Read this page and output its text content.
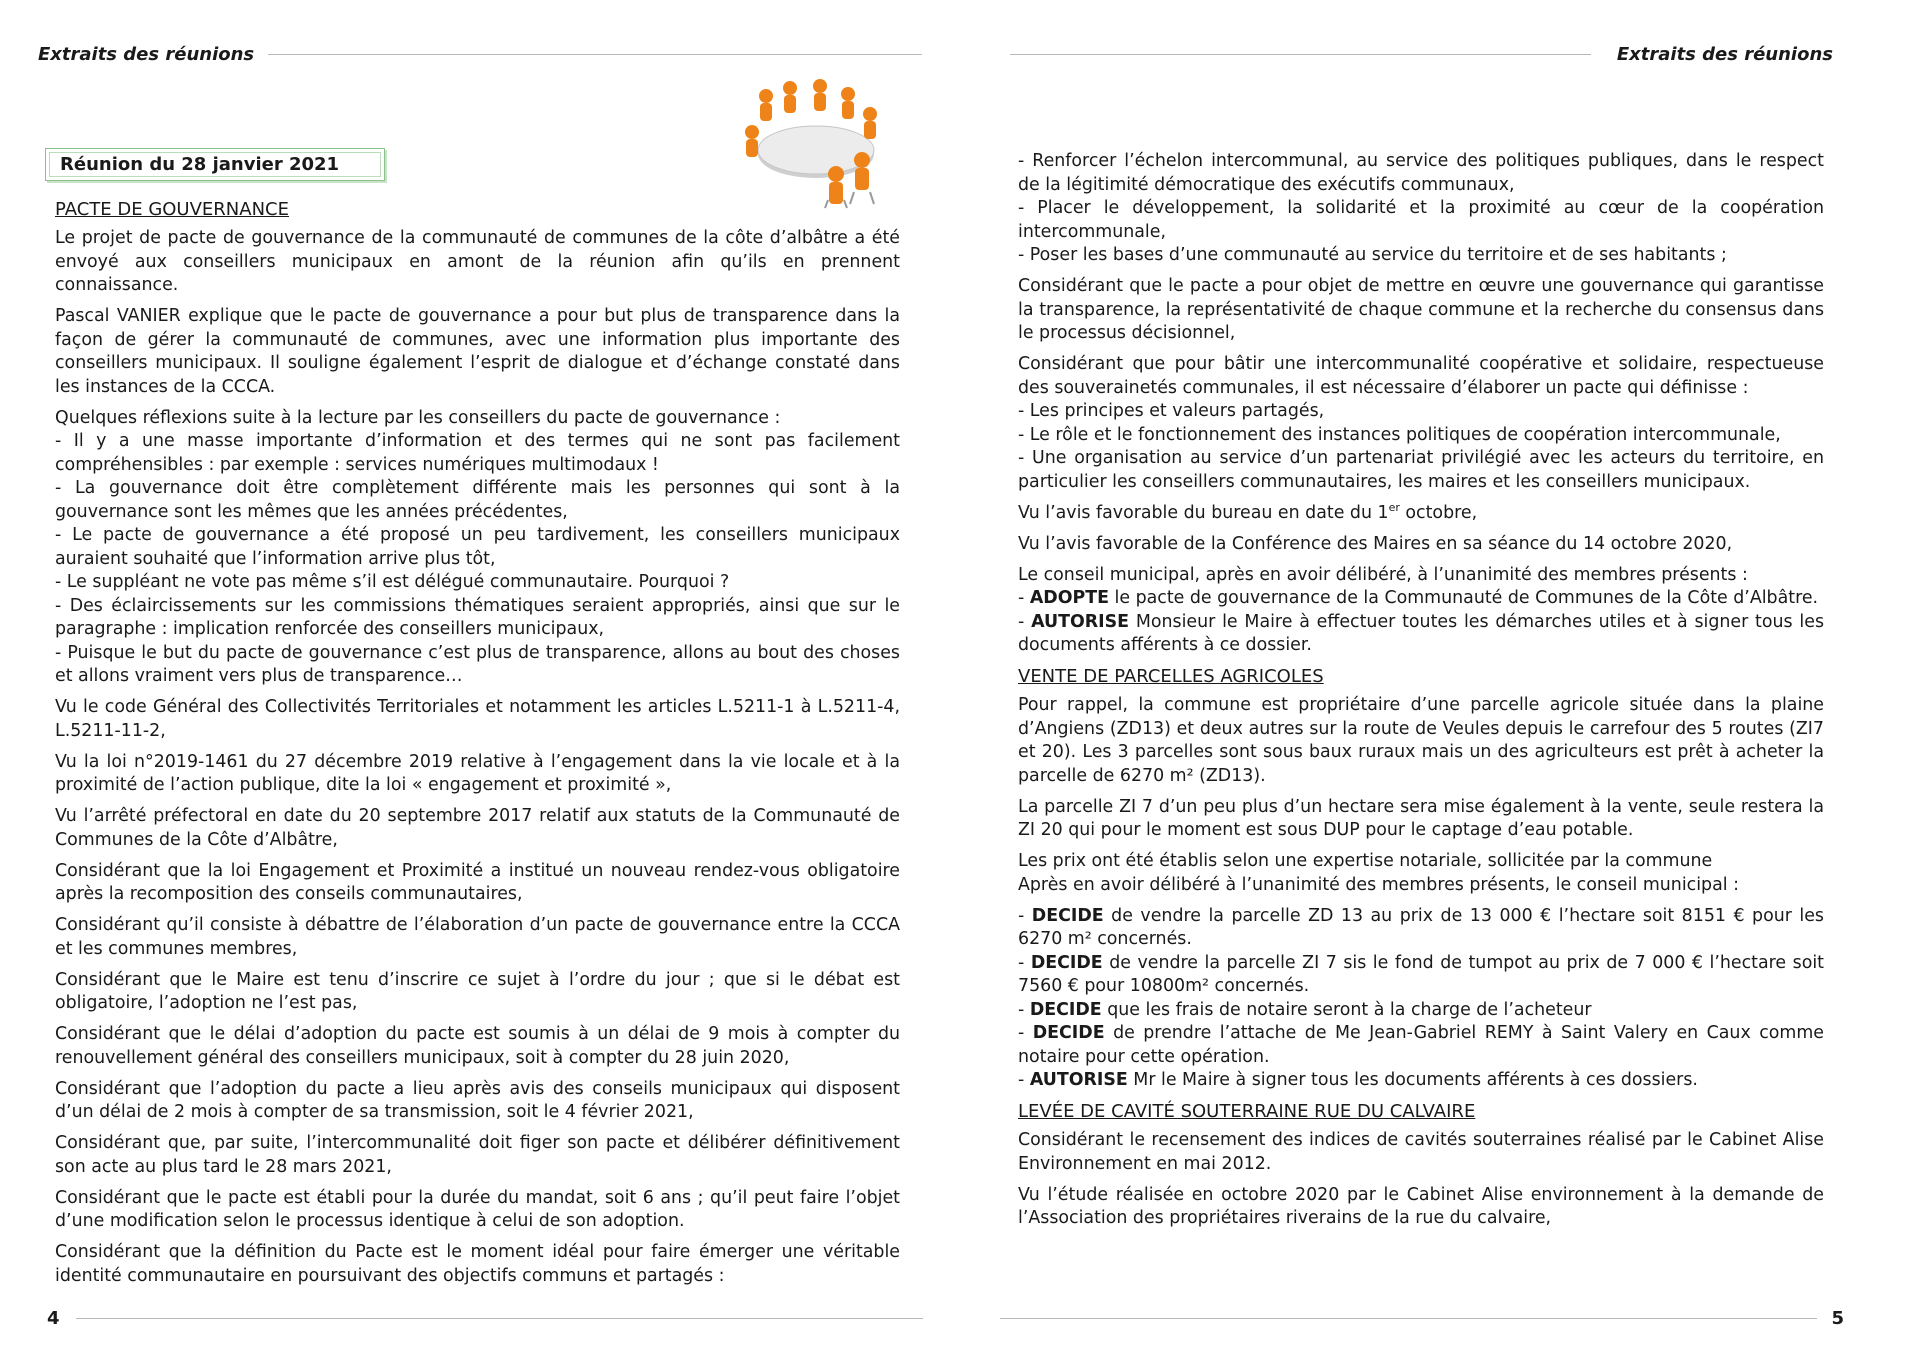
Extraits des réunions
Réunion du 28 janvier 2021
PACTE DE GOUVERNANCE

Le projet de pacte de gouvernance de la communauté de communes de la côte d’albâtre a été envoyé aux conseillers municipaux en amont de la réunion afin qu’ils en prennent connaissance.

Pascal VANIER explique que le pacte de gouvernance a pour but plus de transparence dans la façon de gérer la communauté de communes, avec une information plus importante des conseillers municipaux. Il souligne également l’esprit de dialogue et d’échange constaté dans les instances de la CCCA.

Quelques réflexions suite à la lecture par les conseillers du pacte de gouvernance :

- Il y a une masse importante d’information et des termes qui ne sont pas facilement compréhensibles : par exemple : services numériques multimodaux !

- La gouvernance doit être complètement différente mais les personnes qui sont à la gouvernance sont les mêmes que les années précédentes,

- Le pacte de gouvernance a été proposé un peu tardivement, les conseillers municipaux auraient souhaité que l’information arrive plus tôt,

- Le suppléant ne vote pas même s’il est délégué communautaire. Pourquoi ?

- Des éclaircissements sur les commissions thématiques seraient appropriés, ainsi que sur le paragraphe : implication renforcée des conseillers municipaux,

- Puisque le but du pacte de gouvernance c’est plus de transparence, allons au bout des choses et allons vraiment vers plus de transparence…

Vu le code Général des Collectivités Territoriales et notamment les articles L.5211-1 à L.5211-4, L.5211-11-2,

Vu la loi n°2019-1461 du 27 décembre 2019 relative à l’engagement dans la vie locale et à la proximité de l’action publique, dite la loi « engagement et proximité »,

Vu l’arrêté préfectoral en date du 20 septembre 2017 relatif aux statuts de la Communauté de Communes de la Côte d’Albâtre,

Considérant que la loi Engagement et Proximité a institué un nouveau rendez-vous obligatoire après la recomposition des conseils communautaires,

Considérant qu’il consiste à débattre de l’élaboration d’un pacte de gouvernance entre la CCCA et les communes membres,

Considérant que le Maire est tenu d’inscrire ce sujet à l’ordre du jour ; que si le débat est obligatoire, l’adoption ne l’est pas,

Considérant que le délai d’adoption du pacte est soumis à un délai de 9 mois à compter du renouvellement général des conseillers municipaux, soit à compter du 28 juin 2020,

Considérant que l’adoption du pacte a lieu après avis des conseils municipaux qui disposent d’un délai de 2 mois à compter de sa transmission, soit le 4 février 2021,

Considérant que, par suite, l’intercommunalité doit figer son pacte et délibérer définitivement son acte au plus tard le 28 mars 2021,

Considérant que le pacte est établi pour la durée du mandat, soit 6 ans ; qu’il peut faire l’objet d’une modification selon le processus identique à celui de son adoption.

Considérant que la définition du Pacte est le moment idéal pour faire émerger une véritable identité communautaire en poursuivant des objectifs communs et partagés :

4
Extraits des réunions

- Renforcer l’échelon intercommunal, au service des politiques publiques, dans le respect de la légitimité démocratique des exécutifs communaux,

- Placer le développement, la solidarité et la proximité au cœur de la coopération intercommunale,

- Poser les bases d’une communauté au service du territoire et de ses habitants ;

Considérant que le pacte a pour objet de mettre en œuvre une gouvernance qui garantisse la transparence, la représentativité de chaque commune et la recherche du consensus dans le processus décisionnel,

Considérant que pour bâtir une intercommunalité coopérative et solidaire, respectueuse des souverainetés communales, il est nécessaire d’élaborer un pacte qui définisse :

- Les principes et valeurs partagés,

- Le rôle et le fonctionnement des instances politiques de coopération intercommunale,

- Une organisation au service d’un partenariat privilégié avec les acteurs du territoire, en particulier les conseillers communautaires, les maires et les conseillers municipaux.

Vu l’avis favorable du bureau en date du 1er octobre,

Vu l’avis favorable de la Conférence des Maires en sa séance du 14 octobre 2020,

Le conseil municipal, après en avoir délibéré, à l’unanimité des membres présents :

- ADOPTE le pacte de gouvernance de la Communauté de Communes de la Côte d’Albâtre.

- AUTORISE Monsieur le Maire à effectuer toutes les démarches utiles et à signer tous les documents afférents à ce dossier.

VENTE DE PARCELLES AGRICOLES

Pour rappel, la commune est propriétaire d’une parcelle agricole située dans la plaine d’Angiens (ZD13) et deux autres sur la route de Veules depuis le carrefour des 5 routes (ZI7 et 20). Les 3 parcelles sont sous baux ruraux mais un des agriculteurs est prêt à acheter la parcelle de 6270 m² (ZD13).

La parcelle ZI 7 d’un peu plus d’un hectare sera mise également à la vente, seule restera la ZI 20 qui pour le moment est sous DUP pour le captage d’eau potable.

Les prix ont été établis selon une expertise notariale, sollicitée par la commune

Après en avoir délibéré à l’unanimité des membres présents, le conseil municipal :

- DECIDE de vendre la parcelle ZD 13 au prix de 13 000 € l’hectare soit 8151 € pour les 6270 m² concernés.

- DECIDE de vendre la parcelle ZI 7 sis le fond de tumpot au prix de 7 000 € l’hectare soit 7560 € pour 10800m² concernés.

- DECIDE que les frais de notaire seront à la charge de l’acheteur

- DECIDE de prendre l’attache de Me Jean-Gabriel REMY à Saint Valery en Caux comme notaire pour cette opération.

- AUTORISE Mr le Maire à signer tous les documents afférents à ces dossiers.

LEVÉE DE CAVITÉ SOUTERRAINE RUE DU CALVAIRE

Considérant le recensement des indices de cavités souterraines réalisé par le Cabinet Alise Environnement en mai 2012.

Vu l’étude réalisée en octobre 2020 par le Cabinet Alise environnement à la demande de l’Association des propriétaires riverains de la rue du calvaire,

5
